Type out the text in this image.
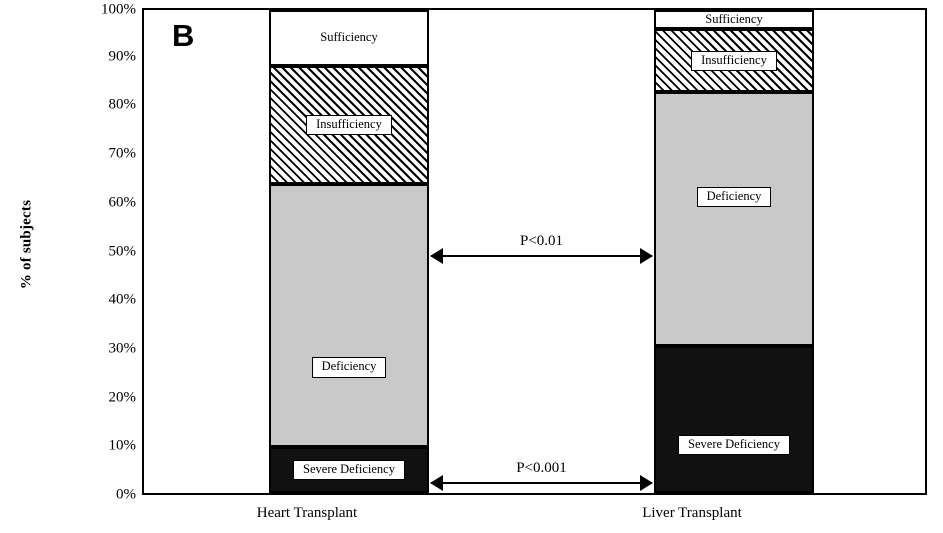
% of subjects
0%
10%
20%
30%
40%
50%
60%
70%
80%
90%
100%
B	Sufficiency
Insufficiency
Deficiency
Severe Deficiency
Sufficiency
Insufficiency
Deficiency
Severe Deficiency
P<0.01
P<0.001
Heart Transplant	Liver Transplant
